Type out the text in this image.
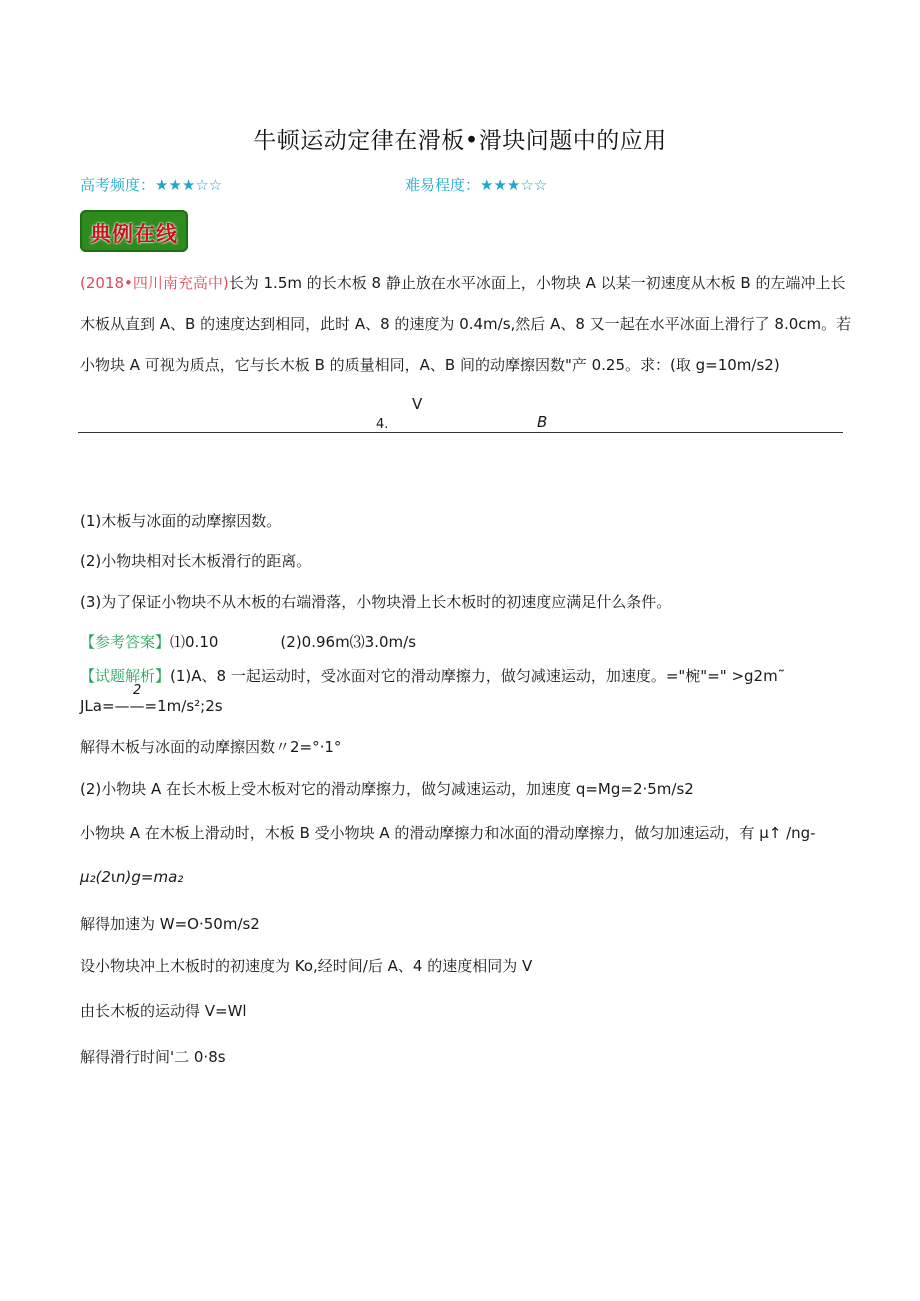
牛顿运动定律在滑板•滑块问题中的应用
高考频度：★★★☆☆	难易程度：★★★☆☆
典例在线
(2018•四川南充高中)长为 1.5m 的长木板 8 静止放在水平冰面上，小物块 A 以某一初速度从木板 B 的左端冲上长
木板从直到 A、B 的速度达到相同，此时 A、8 的速度为 0.4m∕s,然后 A、8 又一起在水平冰面上滑行了 8.0cm。若
小物块 A 可视为质点，它与长木板 B 的质量相同，A、B 间的动摩擦因数"产 0.25。求：(取 g=10m∕s2)
V
4.	B
(1)木板与冰面的动摩擦因数。
(2)小物块相对长木板滑行的距离。
(3)为了保证小物块不从木板的右端滑落，小物块滑上长木板时的初速度应满足什么条件。
【参考答案】⑴0.10	(2)0.96m⑶3.0m/s
【试题解析】(1)A、8 一起运动时，受冰面对它的滑动摩擦力，做匀减速运动，加速度。="椀"=" >g2m˜
2
JLa=——=1m∕s²;2s
解得木板与冰面的动摩擦因数〃2=°·1°
(2)小物块 A 在长木板上受木板对它的滑动摩擦力，做匀减速运动，加速度 q=Mg=2·5m∕s2
小物块 A 在木板上滑动时，木板 B 受小物块 A 的滑动摩擦力和冰面的滑动摩擦力，做匀加速运动，有 μ↑ /ng-
μ₂(2⍳n)g=ma₂
解得加速为 W=O·50m∕s2
设小物块冲上木板时的初速度为 Ko,经时间/后 A、4 的速度相同为 V
由长木板的运动得 V=Wl
解得滑行时间'二 0·8s
